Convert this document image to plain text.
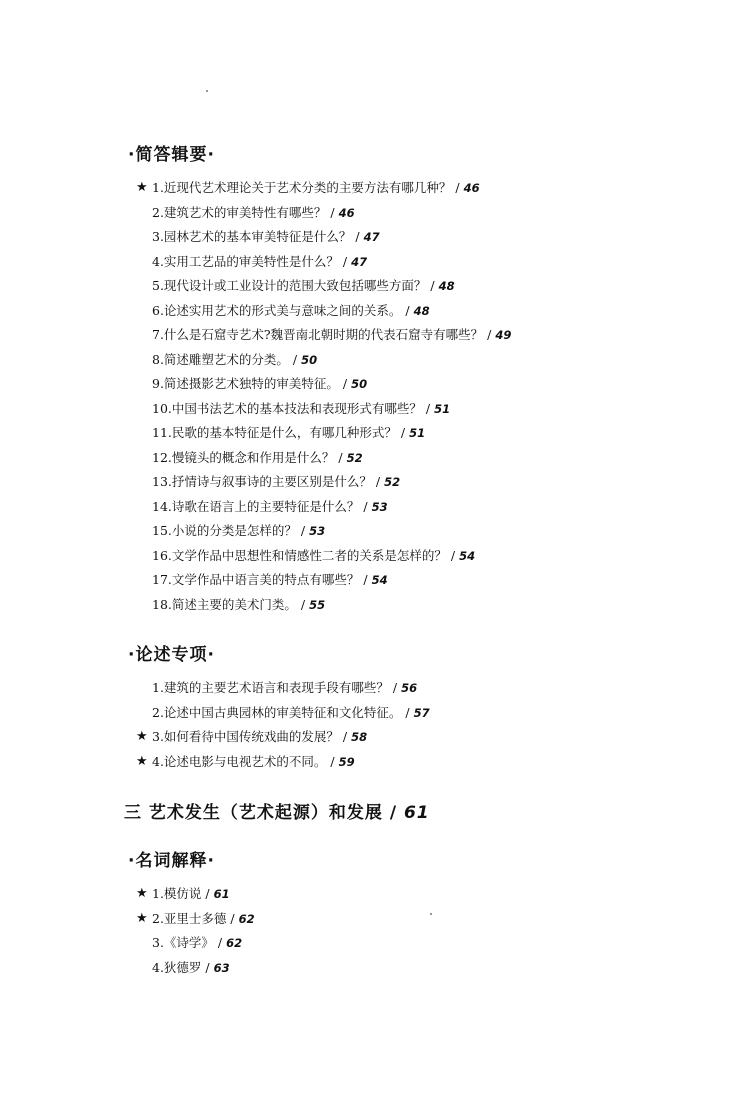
·简答辑要·
★ 1.近现代艺术理论关于艺术分类的主要方法有哪几种？ / 46
2.建筑艺术的审美特性有哪些？ / 46
3.园林艺术的基本审美特征是什么？ / 47
4.实用工艺品的审美特性是什么？ / 47
5.现代设计或工业设计的范围大致包括哪些方面？ / 48
6.论述实用艺术的形式美与意味之间的关系。 / 48
7.什么是石窟寺艺术?魏晋南北朝时期的代表石窟寺有哪些？ / 49
8.简述雕塑艺术的分类。 / 50
9.简述摄影艺术独特的审美特征。 / 50
10.中国书法艺术的基本技法和表现形式有哪些？ / 51
11.民歌的基本特征是什么，有哪几种形式？ / 51
12.慢镜头的概念和作用是什么？ / 52
13.抒情诗与叙事诗的主要区别是什么？ / 52
14.诗歌在语言上的主要特征是什么？ / 53
15.小说的分类是怎样的？ / 53
16.文学作品中思想性和情感性二者的关系是怎样的？ / 54
17.文学作品中语言美的特点有哪些？ / 54
18.简述主要的美术门类。 / 55
·论述专项·
1.建筑的主要艺术语言和表现手段有哪些？ / 56
2.论述中国古典园林的审美特征和文化特征。 / 57
★ 3.如何看待中国传统戏曲的发展？ / 58
★ 4.论述电影与电视艺术的不同。 / 59
三 艺术发生（艺术起源）和发展 / 61
·名词解释·
★ 1.模仿说 / 61
★ 2.亚里士多德 / 62
3.《诗学》 / 62
4.狄德罗 / 63
